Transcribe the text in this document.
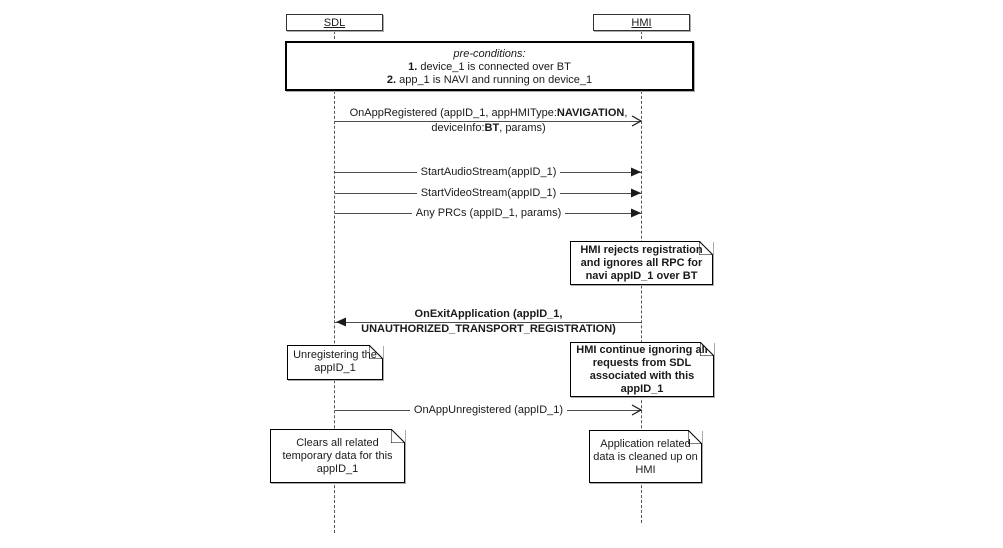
SDL	HMI
pre-conditions:
1. device_1 is connected over BT
2. app_1 is NAVI and running on device_1
OnAppRegistered (appID_1, appHMIType:NAVIGATION,
deviceInfo:BT, params)
StartAudioStream(appID_1)
StartVideoStream(appID_1)
Any PRCs (appID_1, params)
HMI rejects registration
and ignores all RPC for
navi appID_1 over BT
OnExitApplication (appID_1,
UNAUTHORIZED_TRANSPORT_REGISTRATION)
Unregistering the
appID_1
HMI continue ignoring all
requests from SDL
associated with this
appID_1
OnAppUnregistered (appID_1)
Clears all related
temporary data for this
appID_1
Application related
data is cleaned up on
HMI
